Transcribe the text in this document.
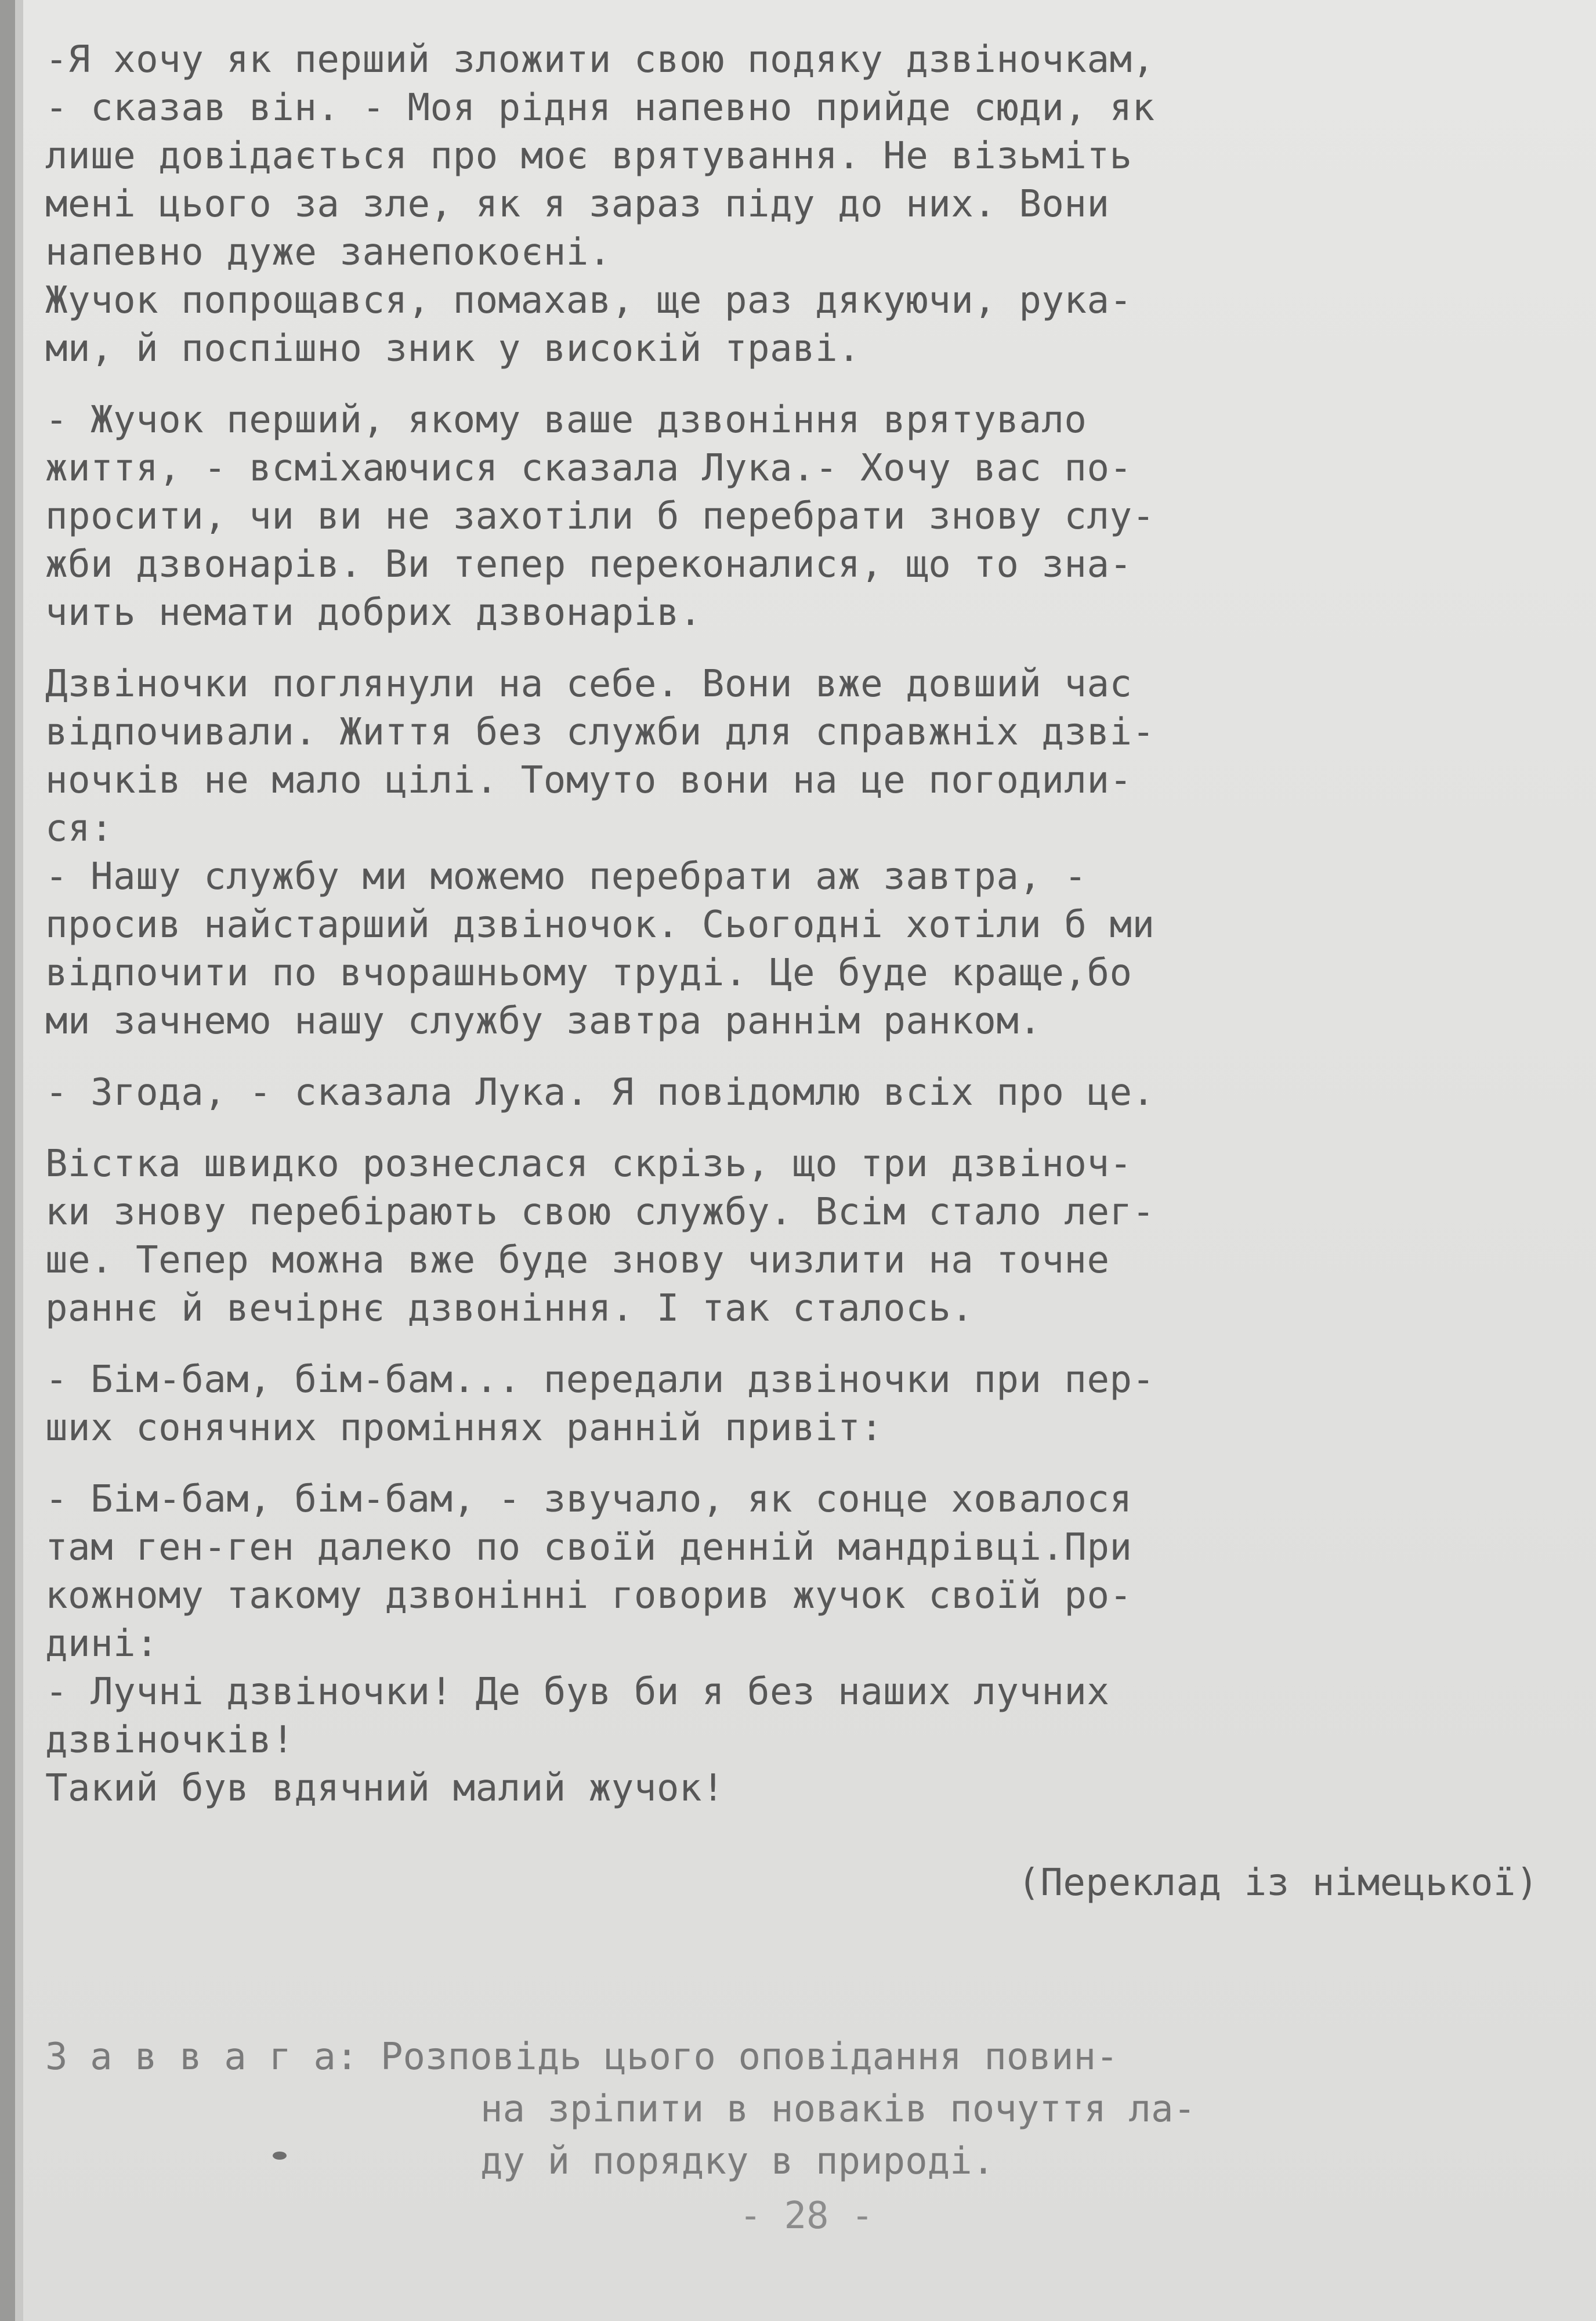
-Я хочу як перший зложити свою подяку дзвіночкам,
- сказав він. - Моя рідня напевно прийде сюди, як
лише довідається про моє врятування. Не візьміть
мені цього за зле, як я зараз піду до них. Вони
напевно дуже занепокоєні.
Жучок попрощався, помахав, ще раз дякуючи, рука-
ми, й поспішно зник у високій траві.
- Жучок перший, якому ваше дзвоніння врятувало
життя, - всміхаючися сказала Лука.- Хочу вас по-
просити, чи ви не захотіли б перебрати знову слу-
жби дзвонарів. Ви тепер переконалися, що то зна-
чить немати добрих дзвонарів.
Дзвіночки поглянули на себе. Вони вже довший час
відпочивали. Життя без служби для справжніх дзві-
ночків не мало цілі. Томуто вони на це погодили-
ся:
- Нашу службу ми можемо перебрати аж завтра, -
просив найстарший дзвіночок. Сьогодні хотіли б ми
відпочити по вчорашньому труді. Це буде краще,бо
ми зачнемо нашу службу завтра раннім ранком.
- Згода, - сказала Лука. Я повідомлю всіх про це.
Вістка швидко рознеслася скрізь, що три дзвіноч-
ки знову перебірають свою службу. Всім стало лег-
ше. Тепер можна вже буде знову чизлити на точне
раннє й вечірнє дзвоніння. І так сталось.
- Бім-бам, бім-бам... передали дзвіночки при пер-
ших сонячних проміннях ранній привіт:
- Бім-бам, бім-бам, - звучало, як сонце ховалося
там ген-ген далеко по своїй денній мандрівці.При
кожному такому дзвонінні говорив жучок своїй ро-
дині:
- Лучні дзвіночки! Де був би я без наших лучних
дзвіночків!
Такий був вдячний малий жучок!
(Переклад із німецької)
З а в в а г а: Розповідь цього оповідання повин-
на зріпити в новаків почуття ла-
ду й порядку в природі.
- 28 -
